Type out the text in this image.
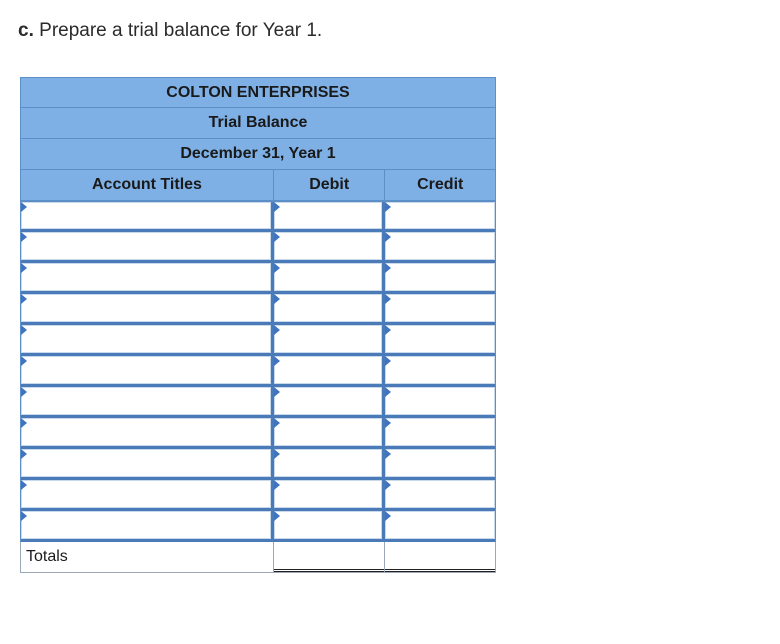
c. Prepare a trial balance for Year 1.
COLTON ENTERPRISES
Trial Balance
December 31, Year 1
Account Titles	Debit	Credit
Totals
